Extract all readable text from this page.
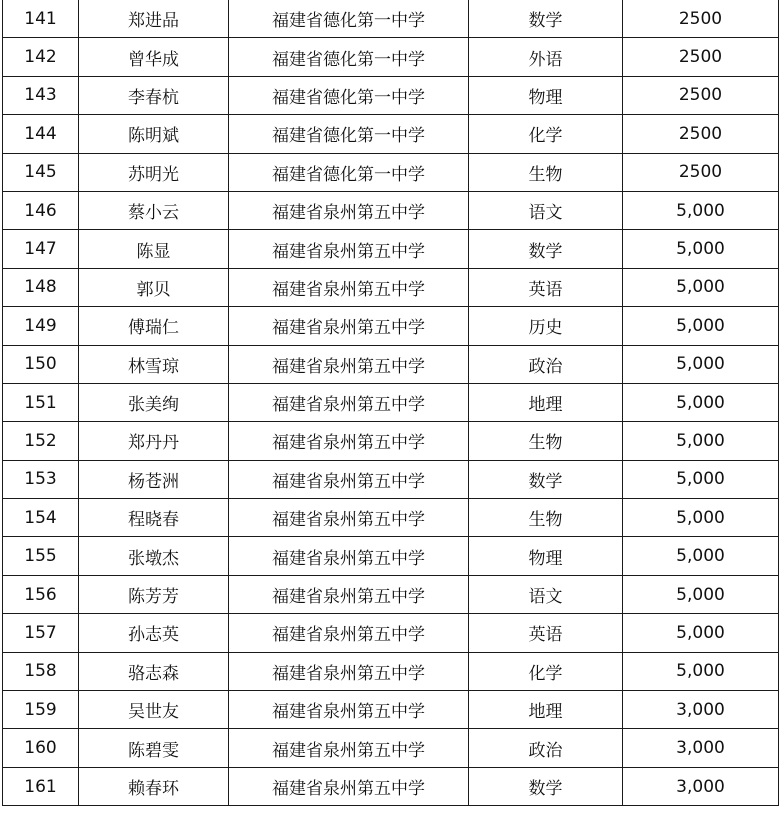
141	郑进品	福建省德化第一中学	数学	2500
142	曾华成	福建省德化第一中学	外语	2500
143	李春杭	福建省德化第一中学	物理	2500
144	陈明斌	福建省德化第一中学	化学	2500
145	苏明光	福建省德化第一中学	生物	2500
146	蔡小云	福建省泉州第五中学	语文	5,000
147	陈显	福建省泉州第五中学	数学	5,000
148	郭贝	福建省泉州第五中学	英语	5,000
149	傅瑞仁	福建省泉州第五中学	历史	5,000
150	林雪琼	福建省泉州第五中学	政治	5,000
151	张美绚	福建省泉州第五中学	地理	5,000
152	郑丹丹	福建省泉州第五中学	生物	5,000
153	杨苍洲	福建省泉州第五中学	数学	5,000
154	程晓春	福建省泉州第五中学	生物	5,000
155	张墩杰	福建省泉州第五中学	物理	5,000
156	陈芳芳	福建省泉州第五中学	语文	5,000
157	孙志英	福建省泉州第五中学	英语	5,000
158	骆志森	福建省泉州第五中学	化学	5,000
159	吴世友	福建省泉州第五中学	地理	3,000
160	陈碧雯	福建省泉州第五中学	政治	3,000
161	赖春环	福建省泉州第五中学	数学	3,000
